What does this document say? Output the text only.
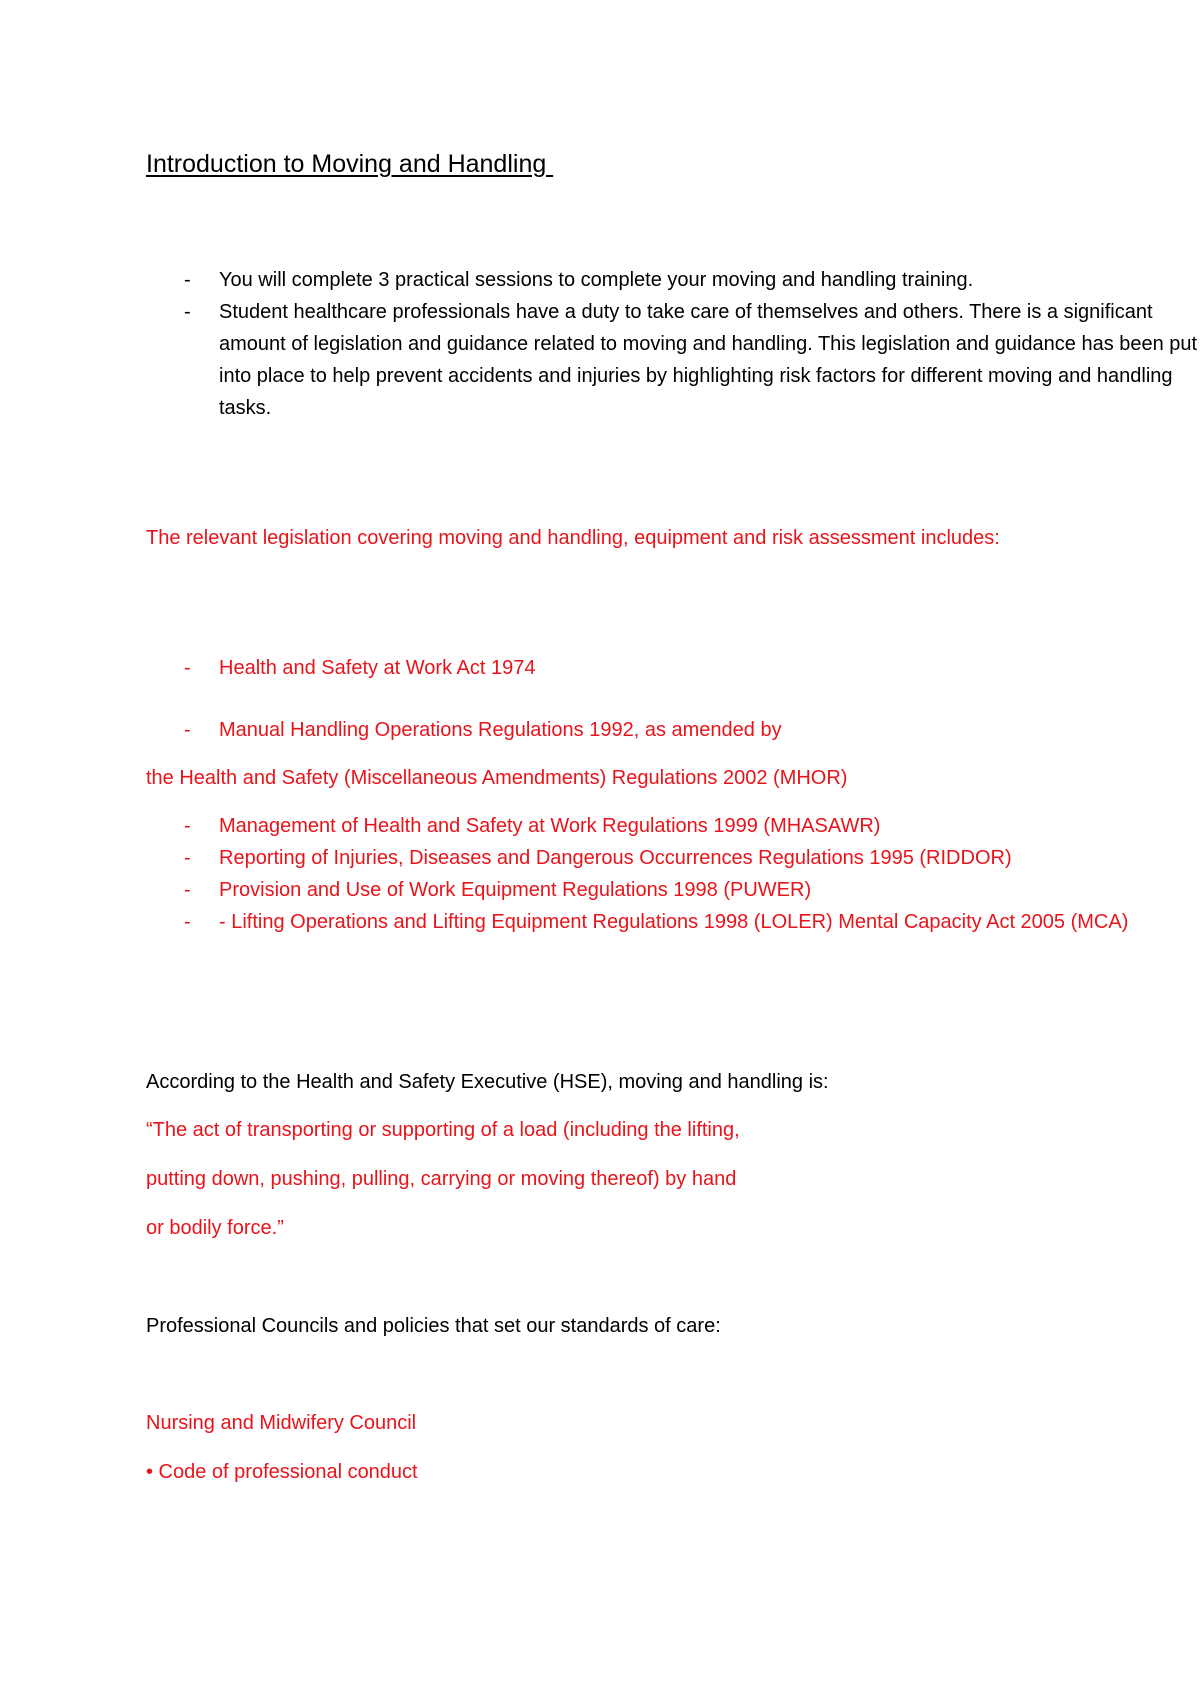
Introduction to Moving and Handling
- You will complete 3 practical sessions to complete your moving and handling training.
- Student healthcare professionals have a duty to take care of themselves and others. There is a significant amount of legislation and guidance related to moving and handling. This legislation and guidance has been put into place to help prevent accidents and injuries by highlighting risk factors for different moving and handling tasks.

The relevant legislation covering moving and handling, equipment and risk assessment includes:

- Health and Safety at Work Act 1974
- Manual Handling Operations Regulations 1992, as amended by

the Health and Safety (Miscellaneous Amendments) Regulations 2002 (MHOR)

- Management of Health and Safety at Work Regulations 1999 (MHASAWR)
- Reporting of Injuries, Diseases and Dangerous Occurrences Regulations 1995 (RIDDOR)
- Provision and Use of Work Equipment Regulations 1998 (PUWER)
- - Lifting Operations and Lifting Equipment Regulations 1998 (LOLER) Mental Capacity Act 2005 (MCA)

According to the Health and Safety Executive (HSE), moving and handling is:

“The act of transporting or supporting of a load (including the lifting,

putting down, pushing, pulling, carrying or moving thereof) by hand

or bodily force.”

Professional Councils and policies that set our standards of care:

Nursing and Midwifery Council

• Code of professional conduct
